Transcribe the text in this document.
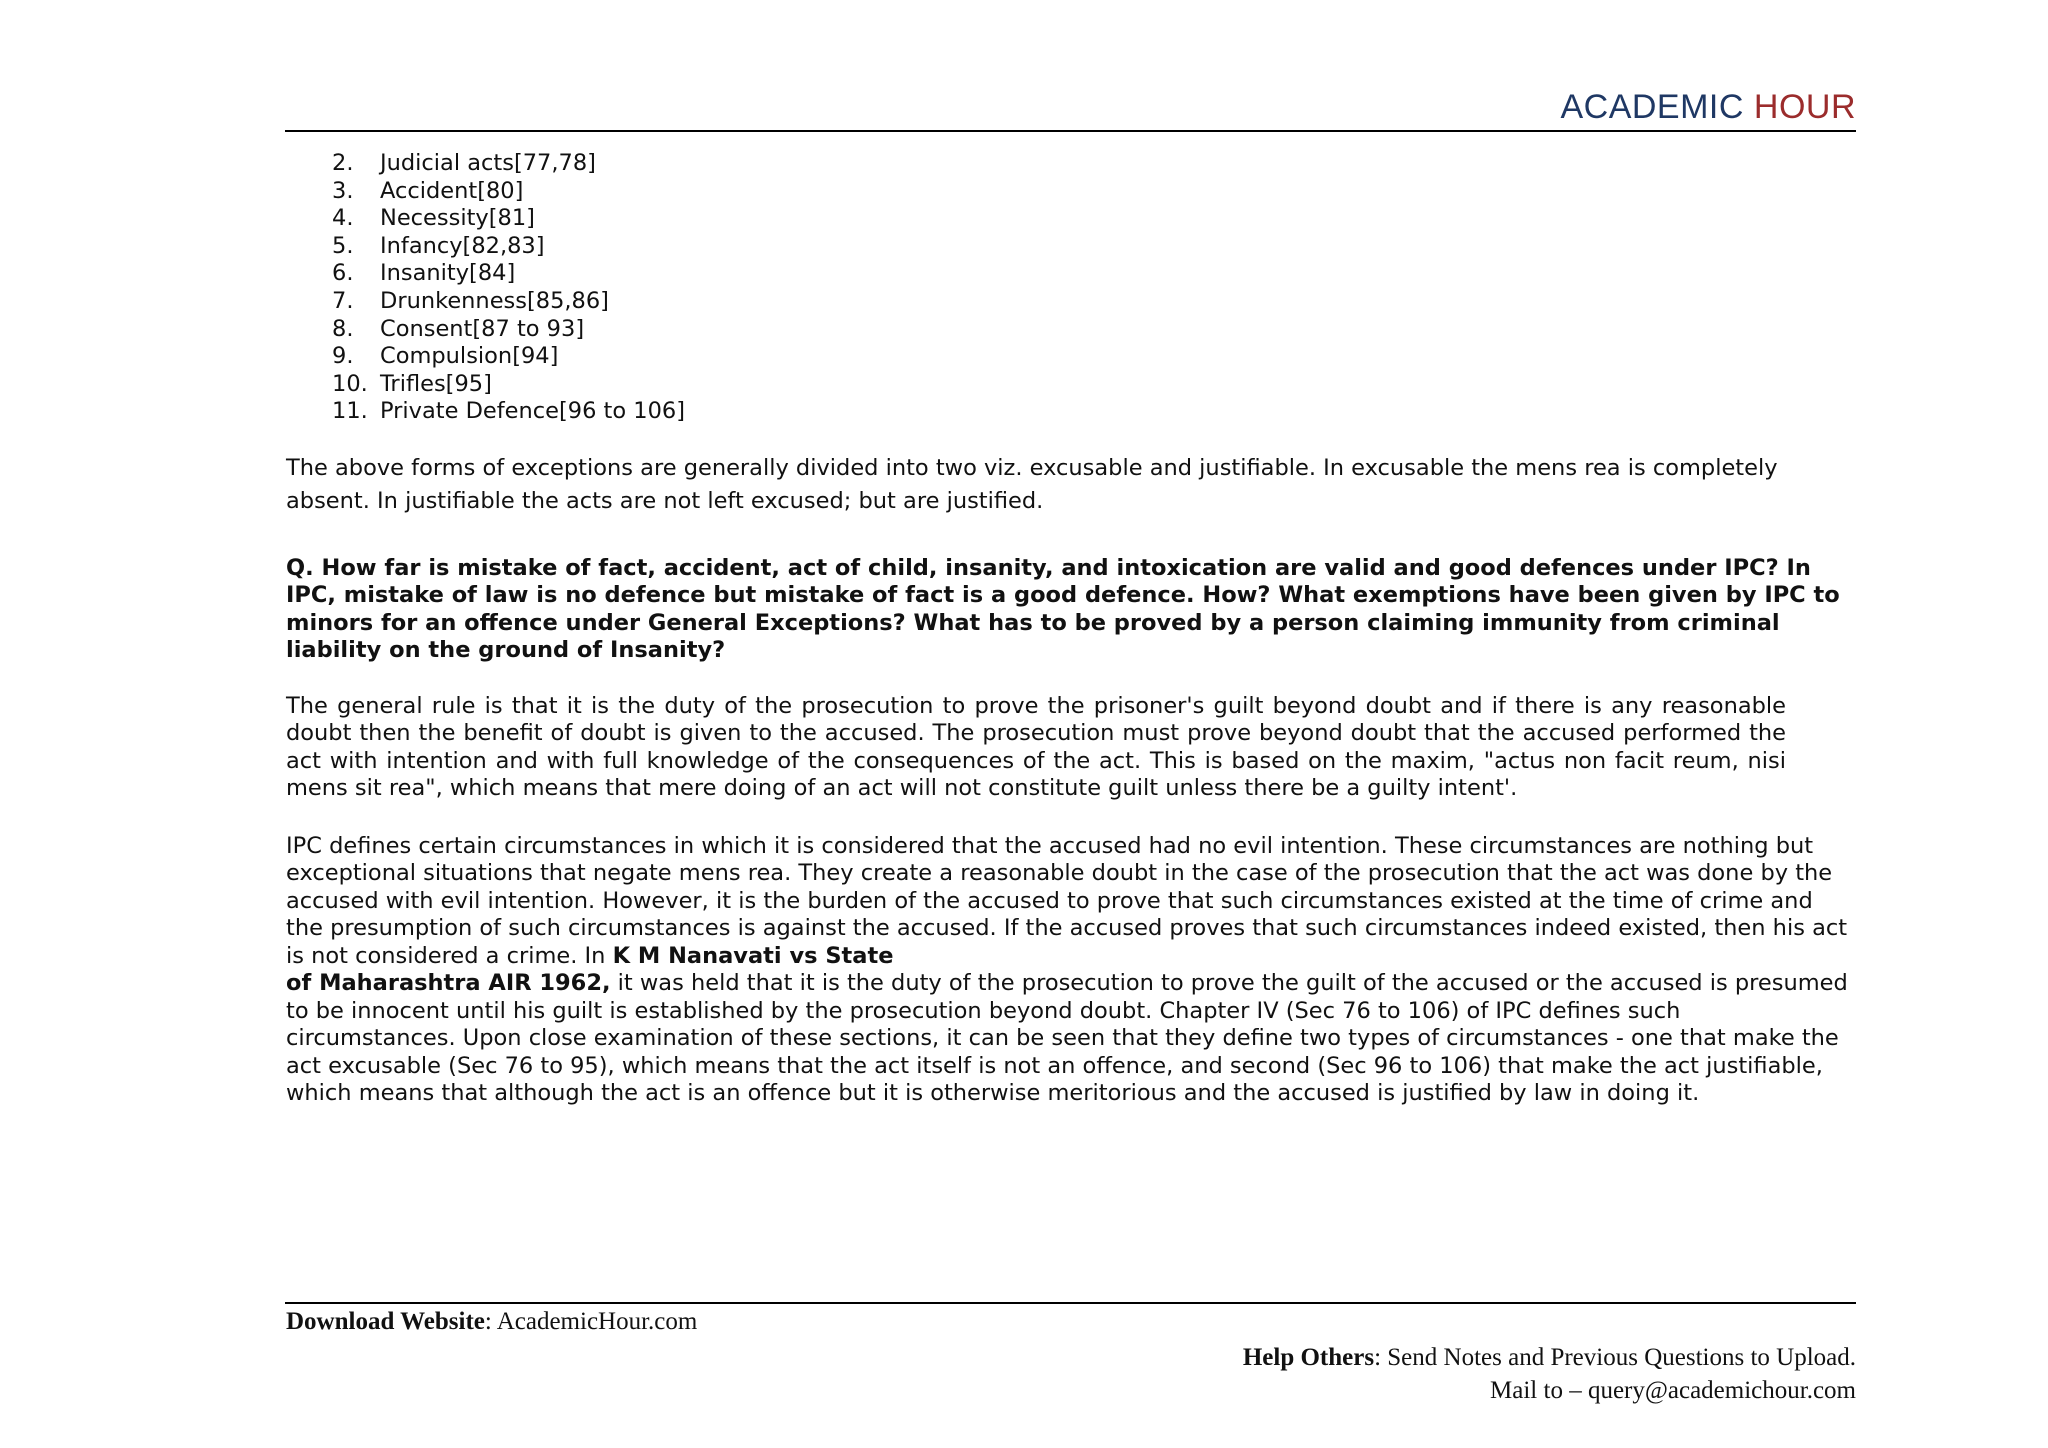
ACADEMIC HOUR
2.	Judicial acts[77,78]
3.	Accident[80]
4.	Necessity[81]
5.	Infancy[82,83]
6.	Insanity[84]
7.	Drunkenness[85,86]
8.	Consent[87 to 93]
9.	Compulsion[94]
10. Trifles[95]
11. Private Defence[96 to 106]

The above forms of exceptions are generally divided into two viz. excusable and justifiable. In excusable the mens rea is completely absent. In justifiable the acts are not left excused; but are justified.

Q. How far is mistake of fact, accident, act of child, insanity, and intoxication are valid and good defences under IPC? In IPC, mistake of law is no defence but mistake of fact is a good defence. How? What exemptions have been given by IPC to minors for an offence under General Exceptions? What has to be proved by a person claiming immunity from criminal liability on the ground of Insanity?

The general rule is that it is the duty of the prosecution to prove the prisoner's guilt beyond doubt and if there is any reasonable doubt then the benefit of doubt is given to the accused. The prosecution must prove beyond doubt that the accused performed the act with intention and with full knowledge of the consequences of the act. This is based on the maxim, "actus non facit reum, nisi mens sit rea", which means that mere doing of an act will not constitute guilt unless there be a guilty intent'.

IPC defines certain circumstances in which it is considered that the accused had no evil intention. These circumstances are nothing but exceptional situations that negate mens rea. They create a reasonable doubt in the case of the prosecution that the act was done by the accused with evil intention. However, it is the burden of the accused to prove that such circumstances existed at the time of crime and the presumption of such circumstances is against the accused. If the accused proves that such circumstances indeed existed, then his act is not considered a crime. In K M Nanavati vs State
of Maharashtra AIR 1962, it was held that it is the duty of the prosecution to prove the guilt of the accused or the accused is presumed to be innocent until his guilt is established by the prosecution beyond doubt. Chapter IV (Sec 76 to 106) of IPC defines such circumstances. Upon close examination of these sections, it can be seen that they define two types of circumstances - one that make the act excusable (Sec 76 to 95), which means that the act itself is not an offence, and second (Sec 96 to 106) that make the act justifiable, which means that although the act is an offence but it is otherwise meritorious and the accused is justified by law in doing it.

Download Website: AcademicHour.com
Help Others: Send Notes and Previous Questions to Upload.
Mail to – query@academichour.com
